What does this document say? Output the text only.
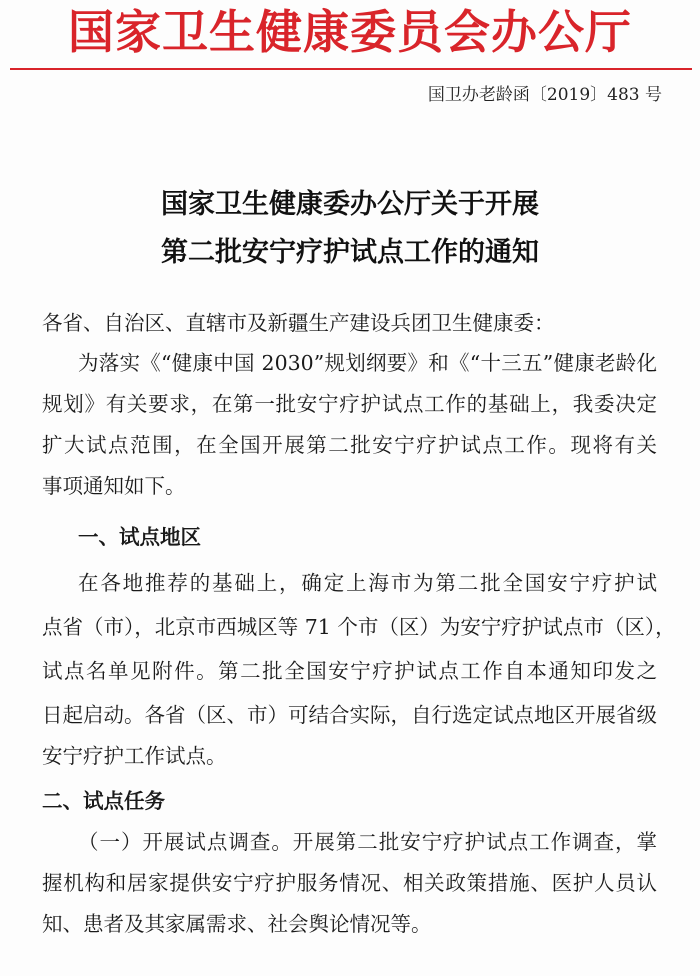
国家卫生健康委员会办公厅
国卫办老龄函〔2019〕483 号
国家卫生健康委办公厅关于开展
第二批安宁疗护试点工作的通知
各省、自治区、直辖市及新疆生产建设兵团卫生健康委：
为落实《“健康中国 2030”规划纲要》和《“十三五”健康老龄化
规划》有关要求，在第一批安宁疗护试点工作的基础上，我委决定
扩大试点范围，在全国开展第二批安宁疗护试点工作。现将有关
事项通知如下。
一、试点地区
在各地推荐的基础上，确定上海市为第二批全国安宁疗护试
点省（市），北京市西城区等 71 个市（区）为安宁疗护试点市（区），
试点名单见附件。第二批全国安宁疗护试点工作自本通知印发之
日起启动。各省（区、市）可结合实际，自行选定试点地区开展省级
安宁疗护工作试点。
二、试点任务
（一）开展试点调查。开展第二批安宁疗护试点工作调查，掌
握机构和居家提供安宁疗护服务情况、相关政策措施、医护人员认
知、患者及其家属需求、社会舆论情况等。
